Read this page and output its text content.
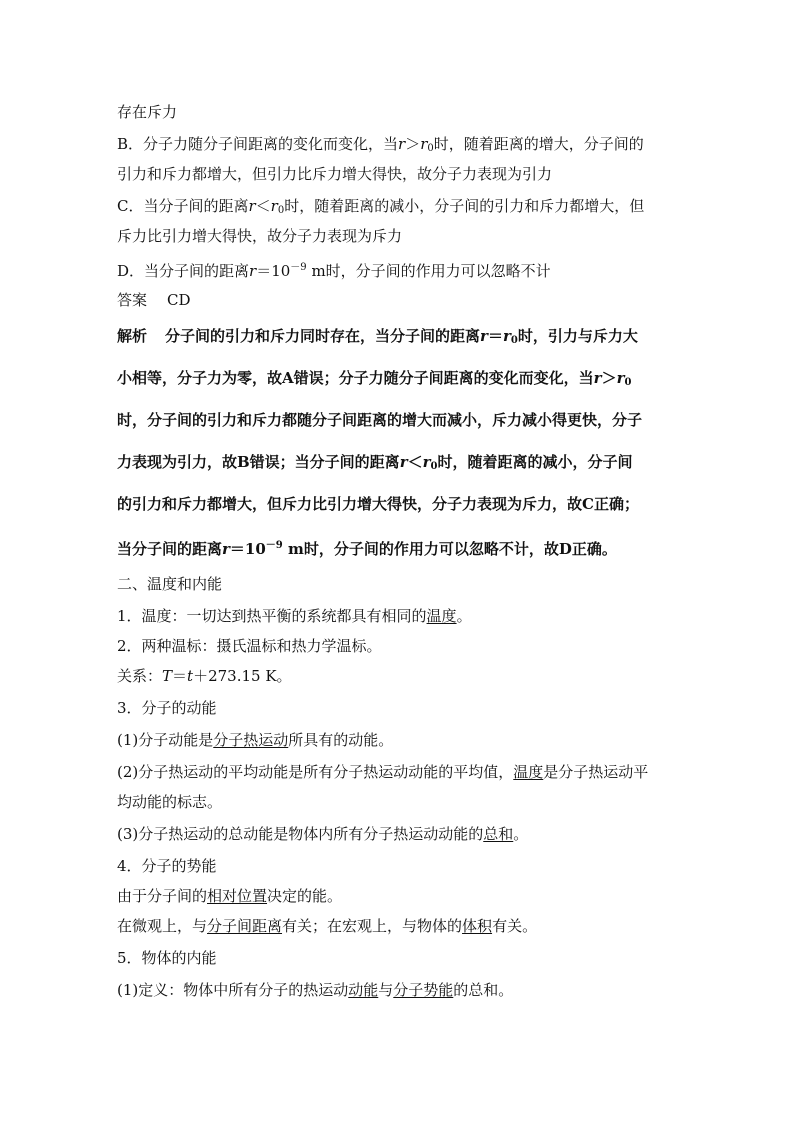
存在斥力
B．分子力随分子间距离的变化而变化，当$r>r_0$时，随着距离的增大，分子间的
引力和斥力都增大，但引力比斥力增大得快，故分子力表现为引力
C．当分子间的距离$r<r_0$时，随着距离的减小，分子间的引力和斥力都增大，但
斥力比引力增大得快，故分子力表现为斥力
D．当分子间的距离$r=10^{-9}$ m时，分子间的作用力可以忽略不计
答案 CD
解析 分子间的引力和斥力同时存在，当分子间的距离$r=r_0$时，引力与斥力大
小相等，分子力为零，故A错误；分子力随分子间距离的变化而变化，当$r>r_0$
时，分子间的引力和斥力都随分子间距离的增大而减小，斥力减小得更快，分子
力表现为引力，故B错误；当分子间的距离$r<r_0$时，随着距离的减小，分子间
的引力和斥力都增大，但斥力比引力增大得快，分子力表现为斥力，故C正确；
当分子间的距离$r=10^{-9}$ m时，分子间的作用力可以忽略不计，故D正确。
二、温度和内能
1．温度：一切达到热平衡的系统都具有相同的温度。
2．两种温标：摄氏温标和热力学温标。
关系：T＝t＋273.15 K。
3．分子的动能
(1)分子动能是分子热运动所具有的动能。
(2)分子热运动的平均动能是所有分子热运动动能的平均值，温度是分子热运动平
均动能的标志。
(3)分子热运动的总动能是物体内所有分子热运动动能的总和。
4．分子的势能
由于分子间的相对位置决定的能。
在微观上，与分子间距离有关；在宏观上，与物体的体积有关。
5．物体的内能
(1)定义：物体中所有分子的热运动动能与分子势能的总和。
